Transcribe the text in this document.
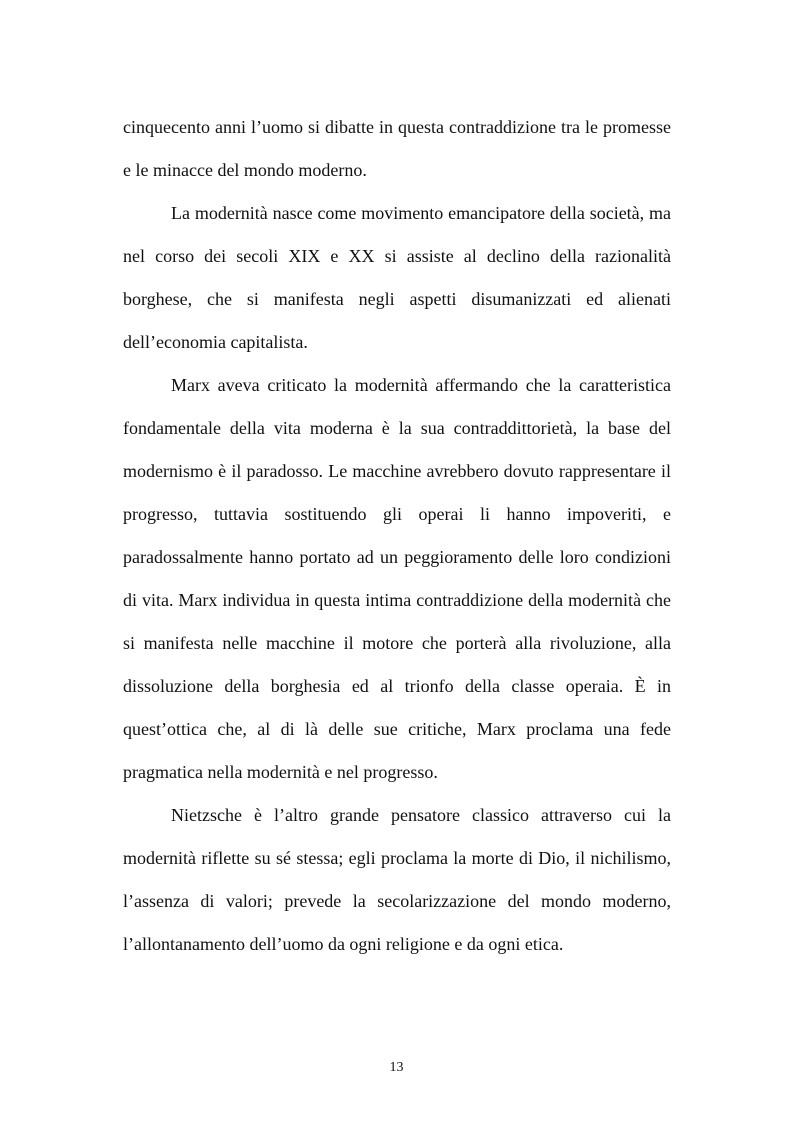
cinquecento anni l’uomo si dibatte in questa contraddizione tra le promesse e le minacce del mondo moderno.

La modernità nasce come movimento emancipatore della società, ma nel corso dei secoli XIX e XX si assiste al declino della razionalità borghese, che si manifesta negli aspetti disumanizzati ed alienati dell’economia capitalista.

Marx aveva criticato la modernità affermando che la caratteristica fondamentale della vita moderna è la sua contraddittorietà, la base del modernismo è il paradosso. Le macchine avrebbero dovuto rappresentare il progresso, tuttavia sostituendo gli operai li hanno impoveriti, e paradossalmente hanno portato ad un peggioramento delle loro condizioni di vita. Marx individua in questa intima contraddizione della modernità che si manifesta nelle macchine il motore che porterà alla rivoluzione, alla dissoluzione della borghesia ed al trionfo della classe operaia. È in quest’ottica che, al di là delle sue critiche, Marx proclama una fede pragmatica nella modernità e nel progresso.

Nietzsche è l’altro grande pensatore classico attraverso cui la modernità riflette su sé stessa; egli proclama la morte di Dio, il nichilismo, l’assenza di valori; prevede la secolarizzazione del mondo moderno, l’allontanamento dell’uomo da ogni religione e da ogni etica.

13
